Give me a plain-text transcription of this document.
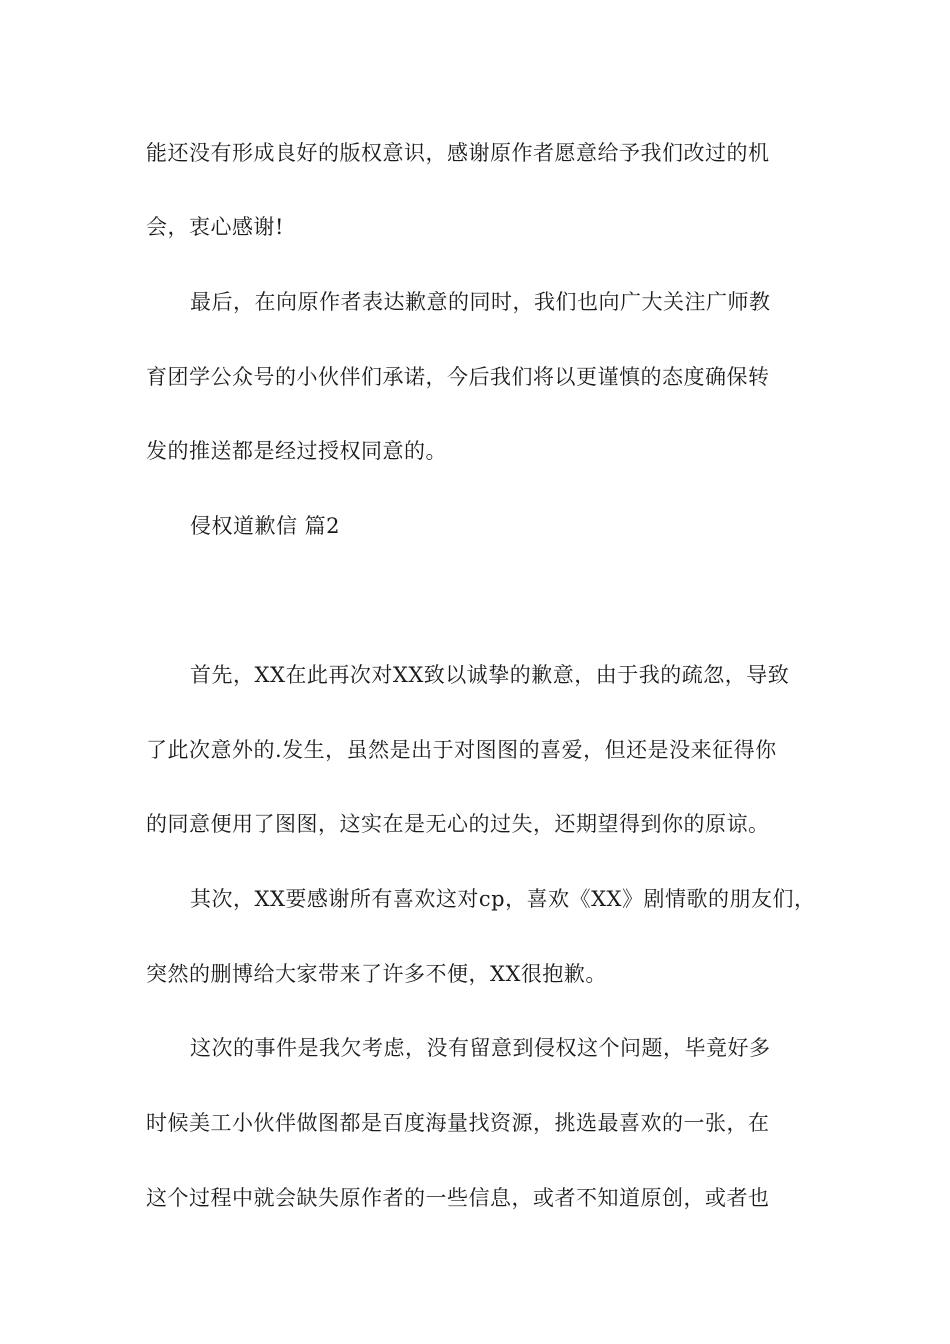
能还没有形成良好的版权意识，感谢原作者愿意给予我们改过的机
会，衷心感谢!
最后，在向原作者表达歉意的同时，我们也向广大关注广师教
育团学公众号的小伙伴们承诺，今后我们将以更谨慎的态度确保转
发的推送都是经过授权同意的。
侵权道歉信 篇2
首先，XX在此再次对XX致以诚挚的歉意，由于我的疏忽，导致
了此次意外的.发生，虽然是出于对图图的喜爱，但还是没来征得你
的同意便用了图图，这实在是无心的过失，还期望得到你的原谅。
其次，XX要感谢所有喜欢这对cp，喜欢《XX》剧情歌的朋友们，
突然的删博给大家带来了许多不便，XX很抱歉。
这次的事件是我欠考虑，没有留意到侵权这个问题，毕竟好多
时候美工小伙伴做图都是百度海量找资源，挑选最喜欢的一张，在
这个过程中就会缺失原作者的一些信息，或者不知道原创，或者也
